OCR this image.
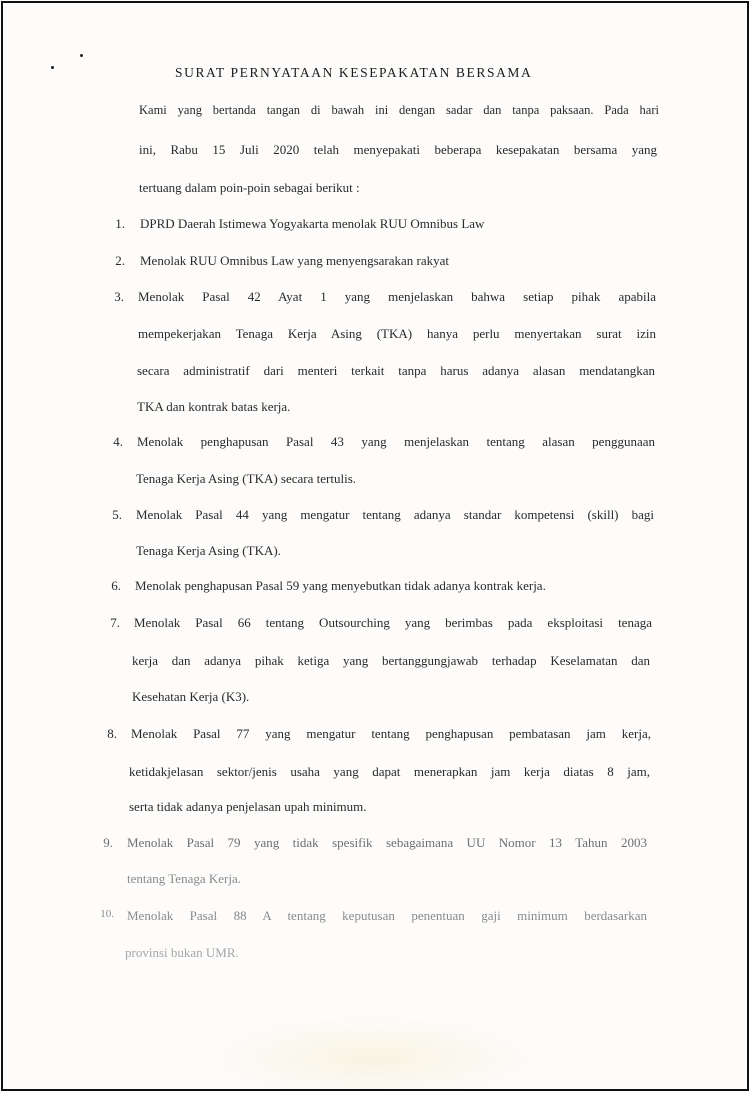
SURAT PERNYATAAN KESEPAKATAN BERSAMA
Kami yang bertanda tangan di bawah ini dengan sadar dan tanpa paksaan. Pada hari
ini, Rabu 15 Juli 2020 telah menyepakati beberapa kesepakatan bersama yang
tertuang dalam poin-poin sebagai berikut :
1. DPRD Daerah Istimewa Yogyakarta menolak RUU Omnibus Law
2. Menolak RUU Omnibus Law yang menyengsarakan rakyat
3. Menolak Pasal 42 Ayat 1 yang menjelaskan bahwa setiap pihak apabila
mempekerjakan Tenaga Kerja Asing (TKA) hanya perlu menyertakan surat izin
secara administratif dari menteri terkait tanpa harus adanya alasan mendatangkan
TKA dan kontrak batas kerja.
4. Menolak penghapusan Pasal 43 yang menjelaskan tentang alasan penggunaan
Tenaga Kerja Asing (TKA) secara tertulis.
5. Menolak Pasal 44 yang mengatur tentang adanya standar kompetensi (skill) bagi
Tenaga Kerja Asing (TKA).
6. Menolak penghapusan Pasal 59 yang menyebutkan tidak adanya kontrak kerja.
7. Menolak Pasal 66 tentang Outsourching yang berimbas pada eksploitasi tenaga
kerja dan adanya pihak ketiga yang bertanggungjawab terhadap Keselamatan dan
Kesehatan Kerja (K3).
8. Menolak Pasal 77 yang mengatur tentang penghapusan pembatasan jam kerja,
ketidakjelasan sektor/jenis usaha yang dapat menerapkan jam kerja diatas 8 jam,
serta tidak adanya penjelasan upah minimum.
9. Menolak Pasal 79 yang tidak spesifik sebagaimana UU Nomor 13 Tahun 2003
tentang Tenaga Kerja.
10. Menolak Pasal 88 A tentang keputusan penentuan gaji minimum berdasarkan
provinsi bukan UMR.
